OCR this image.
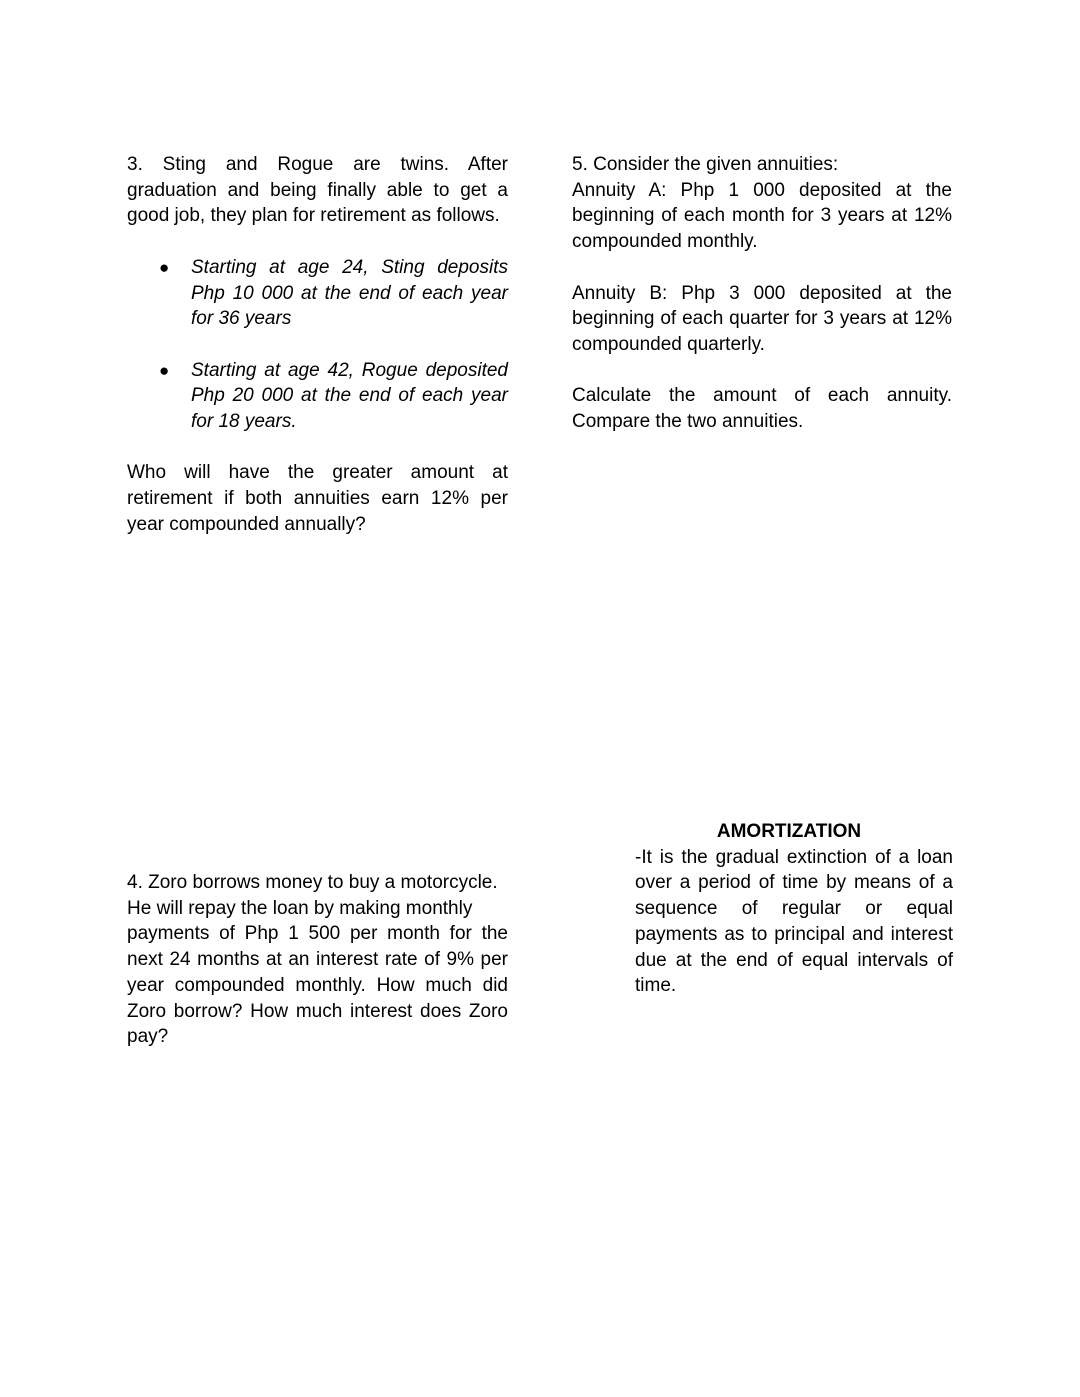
3. Sting and Rogue are twins. After graduation and being finally able to get a good job, they plan for retirement as follows.

● Starting at age 24, Sting deposits Php 10 000 at the end of each year for 36 years
● Starting at age 42, Rogue deposited Php 20 000 at the end of each year for 18 years.

Who will have the greater amount at retirement if both annuities earn 12% per year compounded annually?

5. Consider the given annuities:

Annuity A: Php 1 000 deposited at the beginning of each month for 3 years at 12% compounded monthly.

Annuity B: Php 3 000 deposited at the beginning of each quarter for 3 years at 12% compounded quarterly.

Calculate the amount of each annuity. Compare the two annuities.

4. Zoro borrows money to buy a motorcycle.

He will repay the loan by making monthly

payments of Php 1 500 per month for the next 24 months at an interest rate of 9% per year compounded monthly. How much did Zoro borrow? How much interest does Zoro pay?

AMORTIZATION

-It is the gradual extinction of a loan over a period of time by means of a sequence of regular or equal payments as to principal and interest due at the end of equal intervals of time.
